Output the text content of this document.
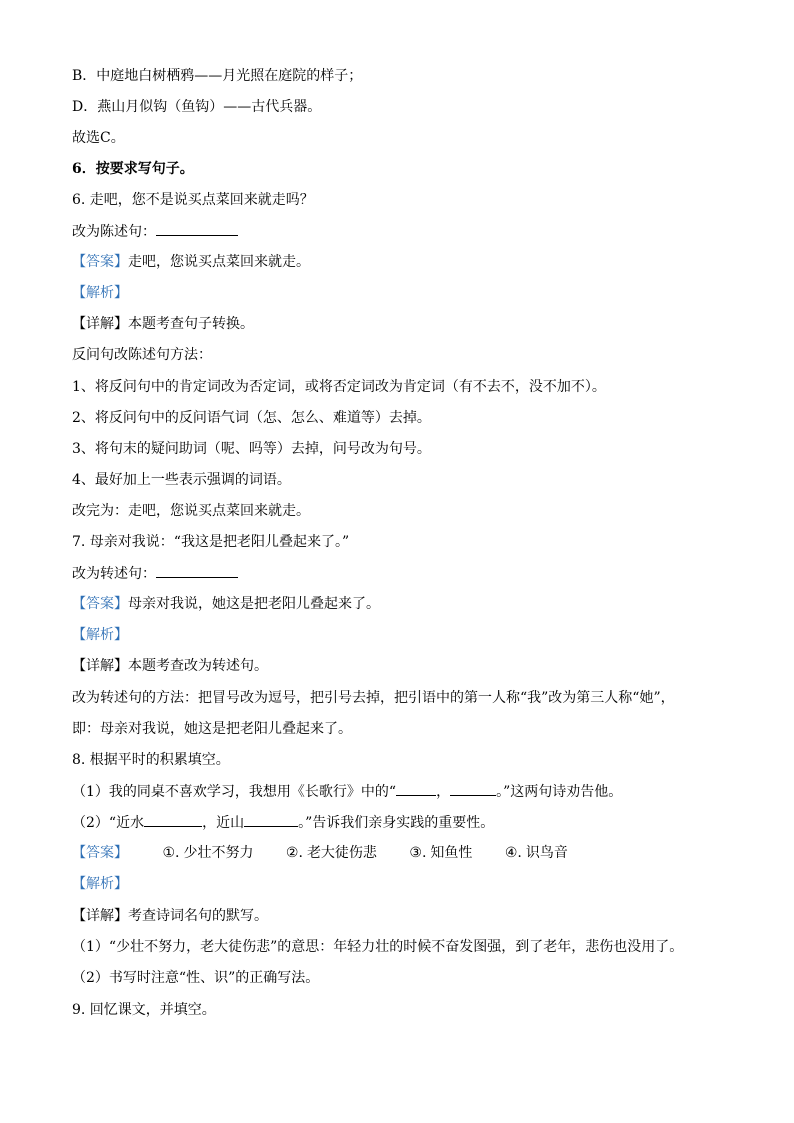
B．中庭地白树栖鸦——月光照在庭院的样子；
D．燕山月似钩（鱼钩）——古代兵器。
故选C。
6．按要求写句子。
6. 走吧，您不是说买点菜回来就走吗？
改为陈述句：
【答案】走吧，您说买点菜回来就走。
【解析】
【详解】本题考查句子转换。
反问句改陈述句方法：
1、将反问句中的肯定词改为否定词，或将否定词改为肯定词（有不去不，没不加不）。
2、将反问句中的反问语气词（怎、怎么、难道等）去掉。
3、将句末的疑问助词（呢、吗等）去掉，问号改为句号。
4、最好加上一些表示强调的词语。
改完为：走吧，您说买点菜回来就走。
7. 母亲对我说：“我这是把老阳儿叠起来了。”
改为转述句：
【答案】母亲对我说，她这是把老阳儿叠起来了。
【解析】
【详解】本题考查改为转述句。
改为转述句的方法：把冒号改为逗号，把引号去掉，把引语中的第一人称“我”改为第三人称“她”，
即：母亲对我说，她这是把老阳儿叠起来了。
8. 根据平时的积累填空。
（1）我的同桌不喜欢学习，我想用《长歌行》中的“	，	。”这两句诗劝告他。
（2）“近水	，近山	。”告诉我们亲身实践的重要性。
【答案】 ①. 少壮不努力 ②. 老大徒伤悲 ③. 知鱼性 ④. 识鸟音
【解析】
【详解】考查诗词名句的默写。
（1）“少壮不努力，老大徒伤悲”的意思：年轻力壮的时候不奋发图强，到了老年，悲伤也没用了。
（2）书写时注意“性、识”的正确写法。
9. 回忆课文，并填空。
